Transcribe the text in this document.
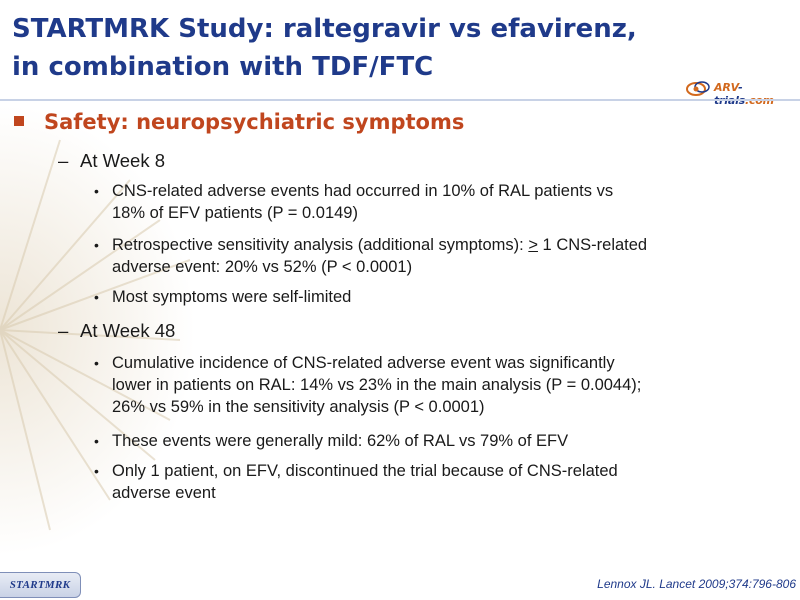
STARTMRK Study: raltegravir vs efavirenz,
in combination with TDF/FTC
ARV-
Safety: neuropsychiatric symptoms
– At Week 8
• CNS-related adverse events had occurred in 10% of RAL patients vs
18% of EFV patients (P = 0.0149)
• Retrospective sensitivity analysis (additional symptoms): > 1 CNS-related
adverse event: 20% vs 52% (P < 0.0001)
• Most symptoms were self-limited
– At Week 48
• Cumulative incidence of CNS-related adverse event was significantly
lower in patients on RAL: 14% vs 23% in the main analysis (P = 0.0044);
26% vs 59% in the sensitivity analysis (P < 0.0001)
• These events were generally mild: 62% of RAL vs 79% of EFV
• Only 1 patient, on EFV, discontinued the trial because of CNS-related
adverse event
STARTMRK	Lennox JL. Lancet 2009;374:796-806
